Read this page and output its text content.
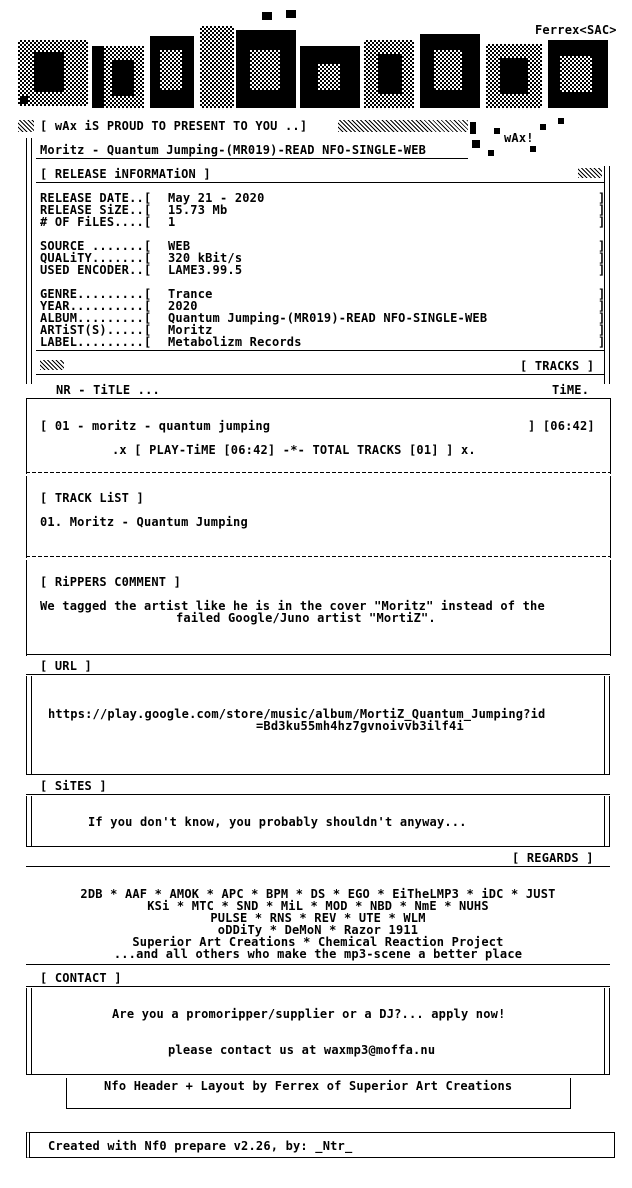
Ferrex<SAC>
wAx!
[ wAx iS PROUD TO PRESENT TO YOU ..]
Moritz - Quantum Jumping-(MR019)-READ NFO-SINGLE-WEB
[ RELEASE iNFORMATiON ]
RELEASE DATE..[ May 21 - 2020
RELEASE SiZE..[ 15.73 Mb
# OF FiLES....[ 1
SOURCE .......[ WEB
QUALiTY.......[ 320 kBit/s
USED ENCODER..[ LAME3.99.5
GENRE.........[ Trance
YEAR..........[ 2020
ALBUM.........[ Quantum Jumping-(MR019)-READ NFO-SINGLE-WEB
ARTiST(S).....[ Moritz
LABEL.........[ Metabolizm Records
]
]
]

]
]
]

]
]
]
]
]
[ TRACKS ]
NR - TiTLE ...	TiME.
[ 01 - moritz - quantum jumping	] [06:42]
.x [ PLAY-TiME [06:42] -*- TOTAL TRACKS [01] ] x.
[ TRACK LiST ]
01. Moritz - Quantum Jumping
[ RiPPERS C0MMENT ]
We tagged the artist like he is in the cover "Moritz" instead of the
failed Google/Juno artist "MortiZ".
[ URL ]
https://play.google.com/store/music/album/MortiZ_Quantum_Jumping?id
=Bd3ku55mh4hz7gvnoivvb3ilf4i
[ SiTES ]
If you don't know, you probably shouldn't anyway...
[ REGARDS ]
2DB * AAF * AMOK * APC * BPM * DS * EGO * EiTheLMP3 * iDC * JUST
KSi * MTC * SND * MiL * MOD * NBD * NmE * NUHS
PULSE * RNS * REV * UTE * WLM
oDDiTy * DeMoN * Razor 1911
Superior Art Creations * Chemical Reaction Project
...and all others who make the mp3-scene a better place
[ CONTACT ]
Are you a promoripper/supplier or a DJ?... apply now!
please contact us at waxmp3@moffa.nu
Nfo Header + Layout by Ferrex of Superior Art Creations
Created with Nf0 prepare v2.26, by: _Ntr_
